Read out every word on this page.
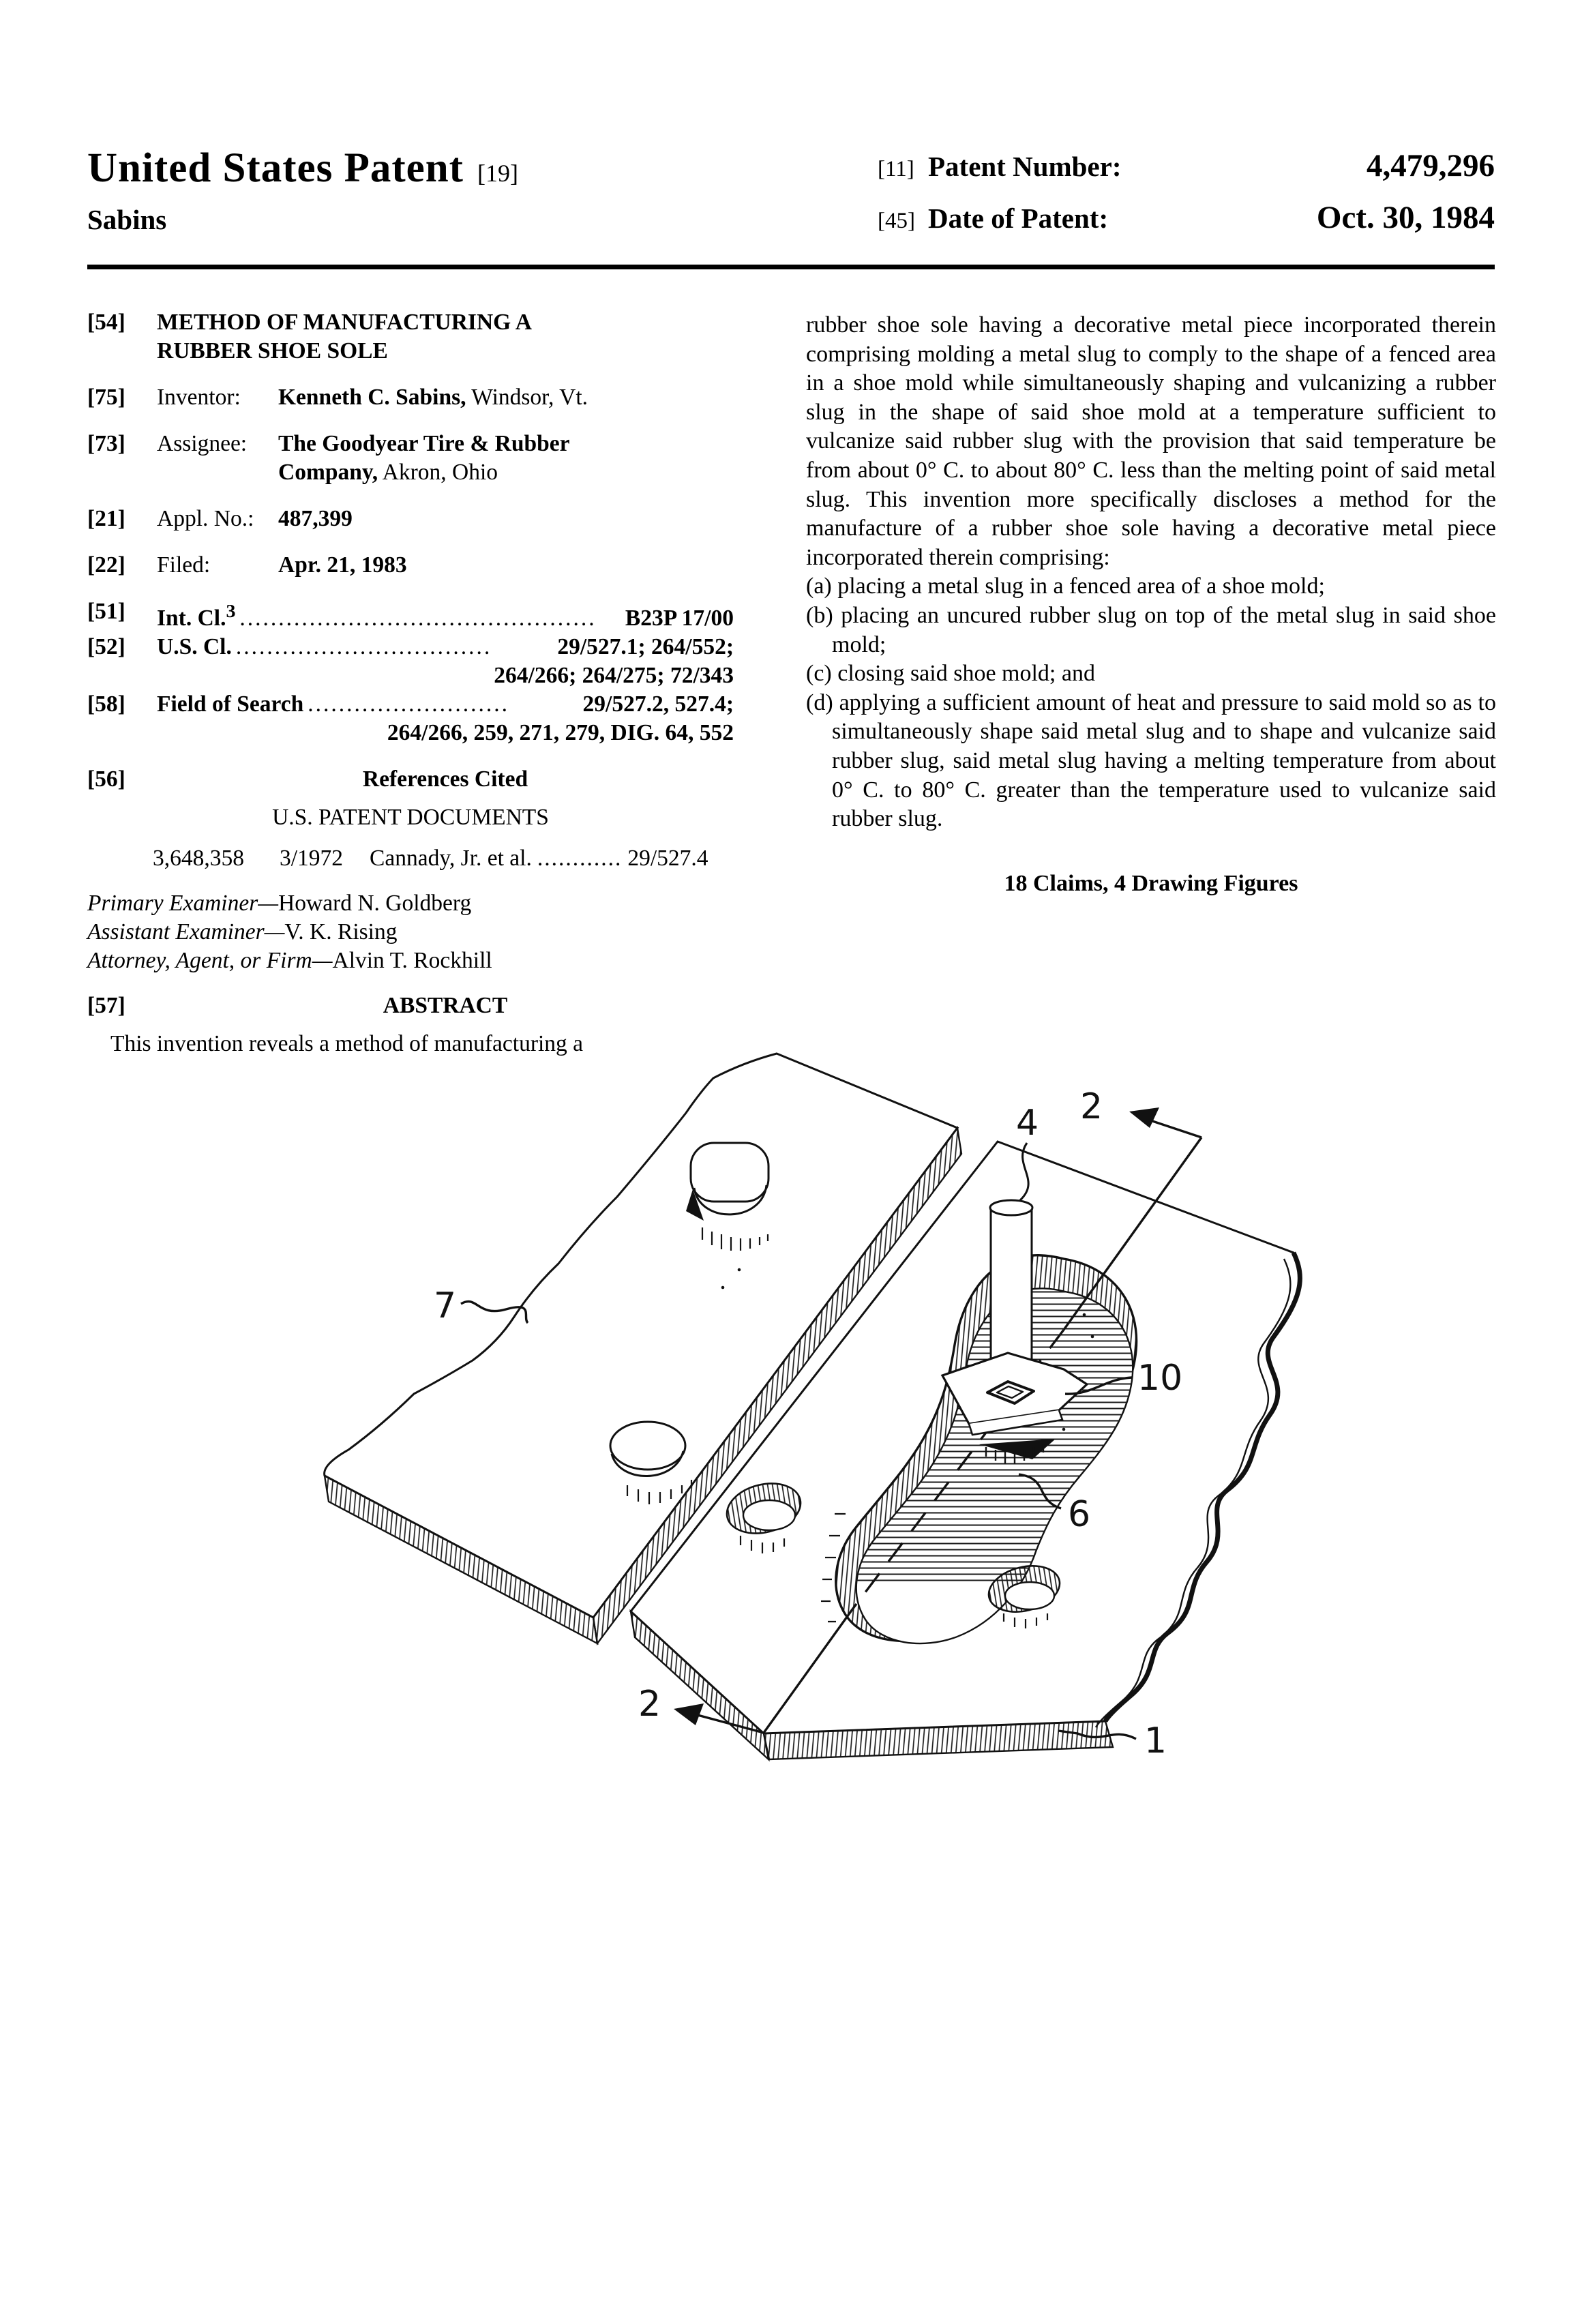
United States Patent [19]
Sabins
[11] Patent Number:	4,479,296
[45] Date of Patent:	Oct. 30, 1984
[54]	METHOD OF MANUFACTURING A
RUBBER SHOE SOLE
[75]	Inventor:	Kenneth C. Sabins, Windsor, Vt.
[73]	Assignee:	The Goodyear Tire & Rubber
Company, Akron, Ohio
[21]	Appl. No.:	487,399
[22]	Filed:	Apr. 21, 1983
[51]	Int. Cl.$^3$ ..............................................	B23P 17/00
[52]	U.S. Cl. .................................	29/527.1; 264/552;
264/266; 264/275; 72/343
[58]	Field of Search ..........................	29/527.2, 527.4;
264/266, 259, 271, 279, DIG. 64, 552
[56]	References Cited
U.S. PATENT DOCUMENTS
3,648,358	3/1972	Cannady, Jr. et al. ............ 29/527.4
Primary Examiner—Howard N. Goldberg
Assistant Examiner—V. K. Rising
Attorney, Agent, or Firm—Alvin T. Rockhill
[57]	ABSTRACT
This invention reveals a method of manufacturing a

rubber shoe sole having a decorative metal piece incorporated therein comprising molding a metal slug to comply to the shape of a fenced area in a shoe mold while simultaneously shaping and vulcanizing a rubber slug in the shape of said shoe mold at a temperature sufficient to vulcanize said rubber slug with the provision that said temperature be from about 0° C. to about 80° C. less than the melting point of said metal slug. This invention more specifically discloses a method for the manufacture of a rubber shoe sole having a decorative metal piece incorporated therein comprising:

(a) placing a metal slug in a fenced area of a shoe mold;

(b) placing an uncured rubber slug on top of the metal slug in said shoe mold;

(c) closing said shoe mold; and

(d) applying a sufficient amount of heat and pressure to said mold so as to simultaneously shape said metal slug and to shape and vulcanize said rubber slug, said metal slug having a melting temperature from about 0° C. to 80° C. greater than the temperature used to vulcanize said rubber slug.

18 Claims, 4 Drawing Figures
7
4 2
10
6
2
1
